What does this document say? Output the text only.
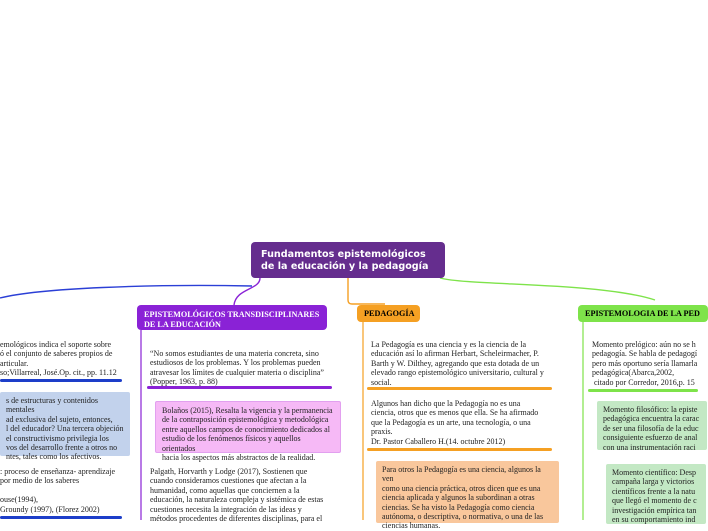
Fundamentos epistemológicos de la educación y la pedagogía
EPISTEMOLÓGICOS TRANSDISCIPLINARES DE LA EDUCACIÓN
PEDAGOGÍA	EPISTEMOLOGIA DE LA PED
emológicos indica el soporte sobre
ó el conjunto de saberes propios de
articular.
so;Villarreal, José.Op. cit., pp. 11.12
s de estructuras y contenidos mentales
ad exclusiva del sujeto, entonces,
l del educador? Una tercera objeción
el constructivismo privilegia los
vos del desarrollo frente a otros no
ntes, tales como los afectivos.
: proceso de enseñanza- aprendizaje
por medio de los saberes

ouse(1994),
Groundy (1997), (Florez 2002)
“No somos estudiantes de una materia concreta, sino
estudiosos de los problemas. Y los problemas pueden
atravesar los límites de cualquier materia o disciplina”
(Popper, 1963, p. 88)
Bolaños (2015), Resalta la vigencia y la permanencia
de la contraposición epistemológica y metodológica
entre aquellos campos de conocimiento dedicados al
estudio de los fenómenos físicos y aquellos orientados
hacia los aspectos más abstractos de la realidad.
Palgath, Horvarth y Lodge (2017), Sostienen que
cuando consideramos cuestiones que afectan a la
humanidad, como aquellas que conciernen a la
educación, la naturaleza compleja y sistémica de estas
cuestiones necesita la integración de las ideas y
métodos procedentes de diferentes disciplinas, para el
La Pedagogía es una ciencia y es la ciencia de la
educación así lo afirman Herbart, Scheleirmacher, P.
Barth y W. Dilthey, agregando que esta dotada de un
elevado rango epistemológico universitario, cultural y
social.
Algunos han dicho que la Pedagogía no es una
ciencia, otros que es menos que ella. Se ha afirmado
que la Pedagogía es un arte, una tecnología, o una
praxis.
Dr. Pastor Caballero H.(14. octubre 2012)
Para otros la Pedagogía es una ciencia, algunos la ven
como una ciencia práctica, otros dicen que es una
ciencia aplicada y algunos la subordinan a otras
ciencias. Se ha visto la Pedagogía como ciencia
autónoma, o descriptiva, o normativa, o una de las
ciencias humanas.
Momento prelógico: aún no se h
pedagogía. Se habla de pedagogí
pero más oportuno sería llamarla
pedagógica(Abarca,2002,
citado por Corredor, 2016,p. 15
Momento filosófico: la episte
pedagógica encuentra la carac
de ser una filosofía de la educ
consiguiente esfuerzo de anal
con una instrumentación raci
Momento científico: Desp
campaña larga y victorios
científicos frente a la natu
que llegó el momento de c
investigación empírica tan
en su comportamiento ind
